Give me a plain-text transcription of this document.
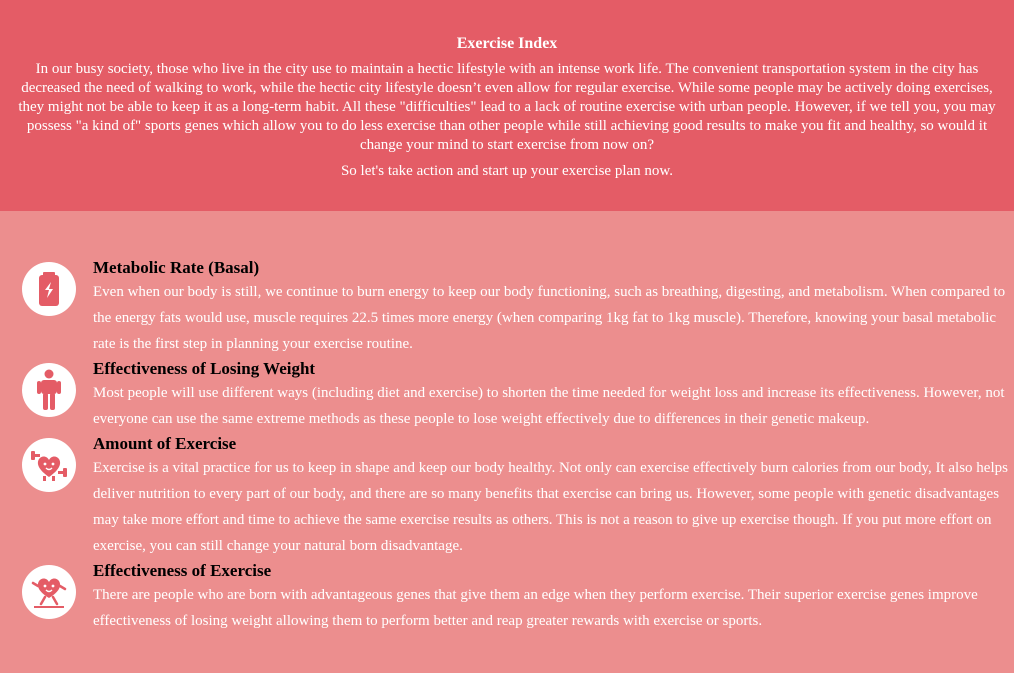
Exercise Index
In our busy society, those who live in the city use to maintain a hectic lifestyle with an intense work life. The convenient transportation system in the city has decreased the need of walking to work, while the hectic city lifestyle doesn’t even allow for regular exercise. While some people may be actively doing exercises, they might not be able to keep it as a long-term habit. All these "difficulties" lead to a lack of routine exercise with urban people. However, if we tell you, you may possess "a kind of" sports genes which allow you to do less exercise than other people while still achieving good results to make you fit and healthy, so would it change your mind to start exercise from now on?
So let's take action and start up your exercise plan now.
Metabolic Rate (Basal)
Even when our body is still, we continue to burn energy to keep our body functioning, such as breathing, digesting, and metabolism. When compared to the energy fats would use, muscle requires 22.5 times more energy (when comparing 1kg fat to 1kg muscle). Therefore, knowing your basal metabolic rate is the first step in planning your exercise routine.
Effectiveness of Losing Weight
Most people will use different ways (including diet and exercise) to shorten the time needed for weight loss and increase its effectiveness. However, not everyone can use the same extreme methods as these people to lose weight effectively due to differences in their genetic makeup.
Amount of Exercise
Exercise is a vital practice for us to keep in shape and keep our body healthy. Not only can exercise effectively burn calories from our body, It also helps deliver nutrition to every part of our body, and there are so many benefits that exercise can bring us. However, some people with genetic disadvantages may take more effort and time to achieve the same exercise results as others. This is not a reason to give up exercise though. If you put more effort on exercise, you can still change your natural born disadvantage.
Effectiveness of Exercise
There are people who are born with advantageous genes that give them an edge when they perform exercise. Their superior exercise genes improve effectiveness of losing weight allowing them to perform better and reap greater rewards with exercise or sports.
